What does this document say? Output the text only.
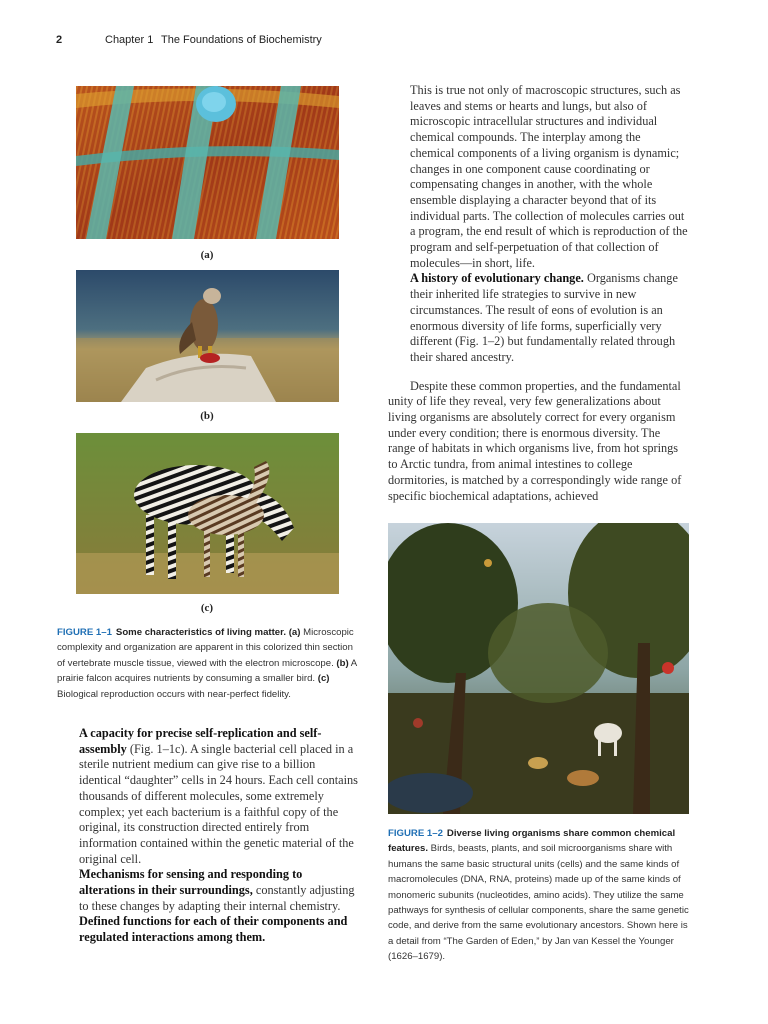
2	Chapter 1 The Foundations of Biochemistry
(a)
(b)
(c)
FIGURE 1–1 Some characteristics of living matter. (a) Microscopic complexity and organization are apparent in this colorized thin section of vertebrate muscle tissue, viewed with the electron microscope. (b) A prairie falcon acquires nutrients by consuming a smaller bird. (c) Biological reproduction occurs with near-perfect fidelity.

A capacity for precise self-replication and self-assembly (Fig. 1–1c). A single bacterial cell placed in a sterile nutrient medium can give rise to a billion identical “daughter” cells in 24 hours. Each cell contains thousands of different molecules, some extremely complex; yet each bacterium is a faithful copy of the original, its construction directed entirely from information contained within the genetic material of the original cell.

Mechanisms for sensing and responding to alterations in their surroundings, constantly adjusting to these changes by adapting their internal chemistry.

Defined functions for each of their components and regulated interactions among them.

This is true not only of macroscopic structures, such as leaves and stems or hearts and lungs, but also of microscopic intracellular structures and individual chemical compounds. The interplay among the chemical components of a living organism is dynamic; changes in one component cause coordinating or compensating changes in another, with the whole ensemble displaying a character beyond that of its individual parts. The collection of molecules carries out a program, the end result of which is reproduction of the program and self-perpetuation of that collection of molecules—in short, life.

A history of evolutionary change. Organisms change their inherited life strategies to survive in new circumstances. The result of eons of evolution is an enormous diversity of life forms, superficially very different (Fig. 1–2) but fundamentally related through their shared ancestry.

Despite these common properties, and the fundamental unity of life they reveal, very few generalizations about living organisms are absolutely correct for every organism under every condition; there is enormous diversity. The range of habitats in which organisms live, from hot springs to Arctic tundra, from animal intestines to college dormitories, is matched by a correspondingly wide range of specific biochemical adaptations, achieved

FIGURE 1–2 Diverse living organisms share common chemical features. Birds, beasts, plants, and soil microorganisms share with humans the same basic structural units (cells) and the same kinds of macromolecules (DNA, RNA, proteins) made up of the same kinds of monomeric subunits (nucleotides, amino acids). They utilize the same pathways for synthesis of cellular components, share the same genetic code, and derive from the same evolutionary ancestors. Shown here is a detail from “The Garden of Eden,” by Jan van Kessel the Younger (1626–1679).
